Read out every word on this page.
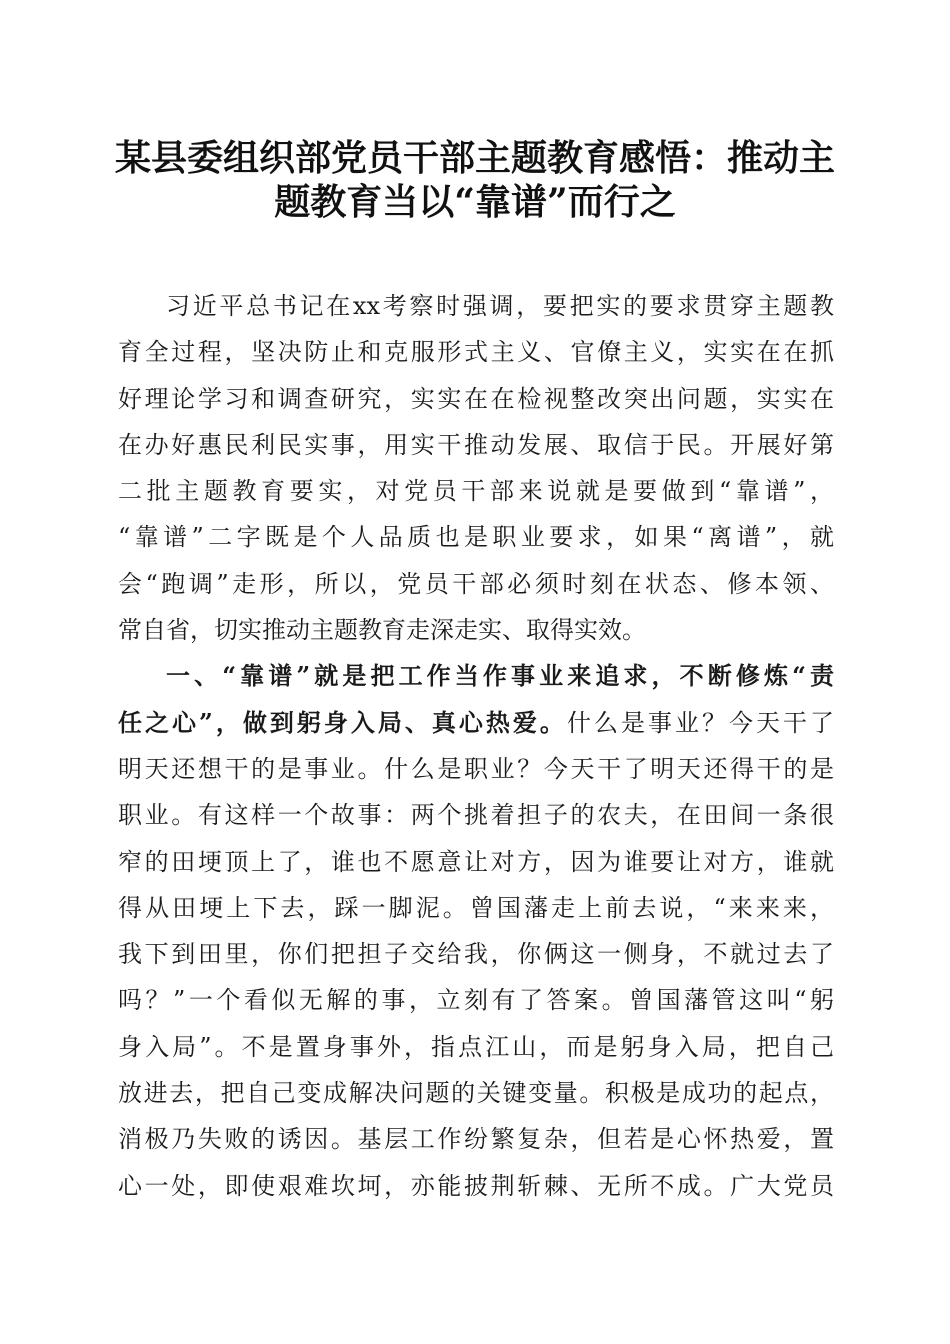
某县委组织部党员干部主题教育感悟：推动主
题教育当以“靠谱”而行之
习近平总书记在xx考察时强调，要把实的要求贯穿主题教
育全过程，坚决防止和克服形式主义、官僚主义，实实在在抓
好理论学习和调查研究，实实在在检视整改突出问题，实实在
在办好惠民利民实事，用实干推动发展、取信于民。开展好第
二批主题教育要实，对党员干部来说就是要做到“靠谱”，
“靠谱”二字既是个人品质也是职业要求，如果“离谱”，就
会“跑调”走形，所以，党员干部必须时刻在状态、修本领、
常自省，切实推动主题教育走深走实、取得实效。
一、“靠谱”就是把工作当作事业来追求，不断修炼“责
任之心”，做到躬身入局、真心热爱。什么是事业？今天干了
明天还想干的是事业。什么是职业？今天干了明天还得干的是
职业。有这样一个故事：两个挑着担子的农夫，在田间一条很
窄的田埂顶上了，谁也不愿意让对方，因为谁要让对方，谁就
得从田埂上下去，踩一脚泥。曾国藩走上前去说，“来来来，
我下到田里，你们把担子交给我，你俩这一侧身，不就过去了
吗？”一个看似无解的事，立刻有了答案。曾国藩管这叫“躬
身入局”。不是置身事外，指点江山，而是躬身入局，把自己
放进去，把自己变成解决问题的关键变量。积极是成功的起点，
消极乃失败的诱因。基层工作纷繁复杂，但若是心怀热爱，置
心一处，即使艰难坎坷，亦能披荆斩棘、无所不成。广大党员
